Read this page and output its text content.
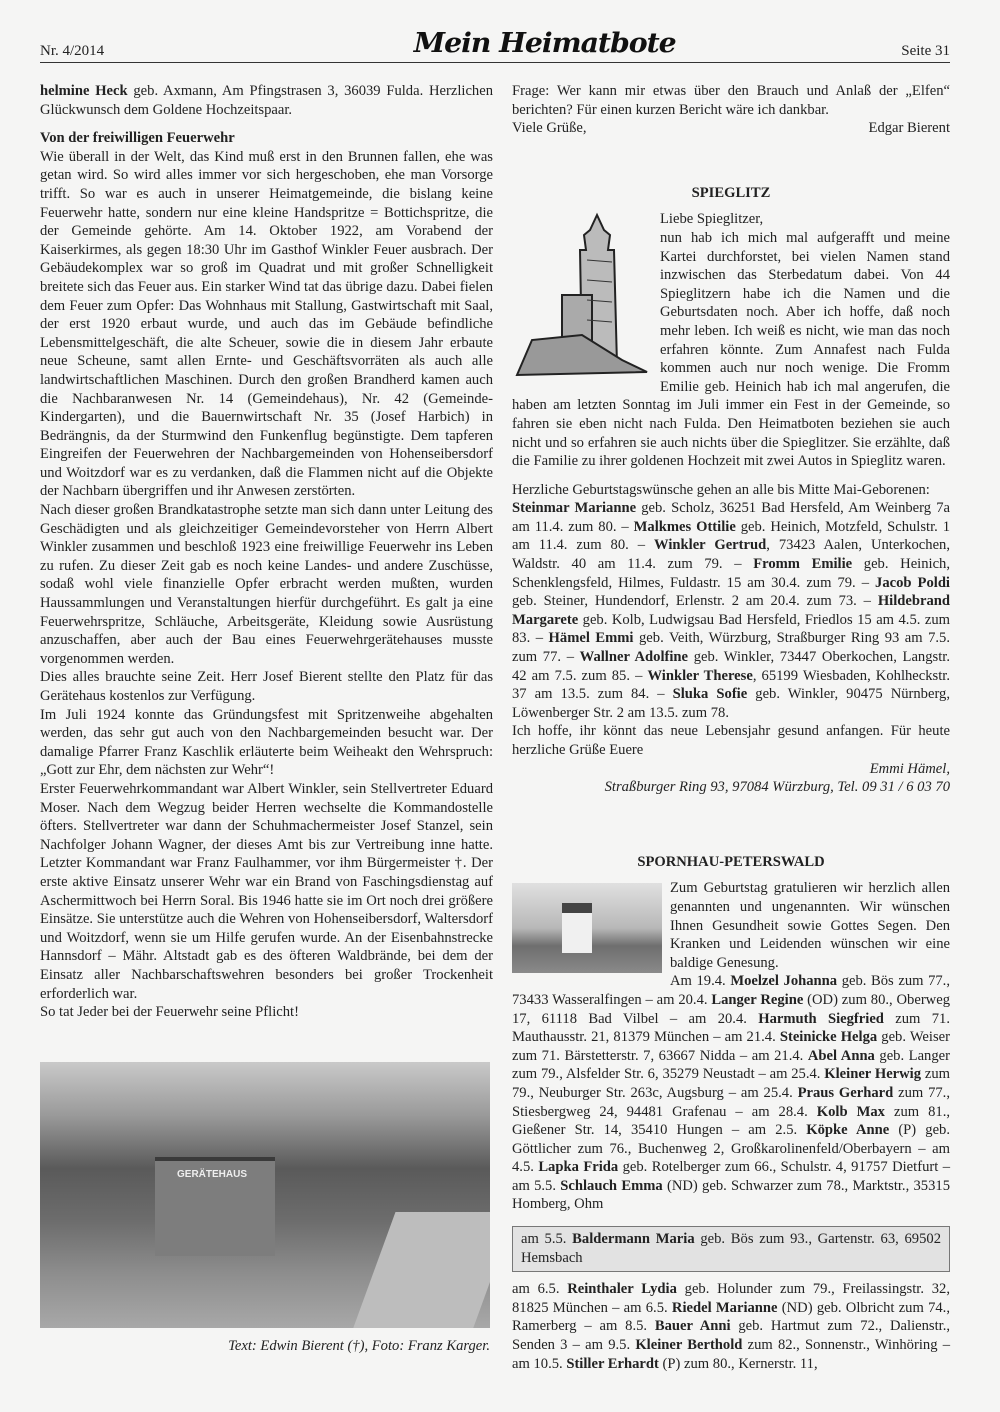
Nr. 4/2014	Mein Heimatbote	Seite 31

helmine Heck geb. Axmann, Am Pfingstrasen 3, 36039 Fulda. Herzlichen Glückwunsch dem Goldene Hochzeitspaar.

Von der freiwilligen Feuerwehr

Wie überall in der Welt, das Kind muß erst in den Brunnen fallen, ehe was getan wird. So wird alles immer vor sich hergeschoben, ehe man Vorsorge trifft. So war es auch in unserer Heimatgemeinde, die bislang keine Feuerwehr hatte, sondern nur eine kleine Handspritze = Bottichspritze, die der Gemeinde gehörte. Am 14. Oktober 1922, am Vorabend der Kaiserkirmes, als gegen 18:30 Uhr im Gasthof Winkler Feuer ausbrach. Der Gebäudekomplex war so groß im Quadrat und mit großer Schnelligkeit breitete sich das Feuer aus. Ein starker Wind tat das übrige dazu. Dabei fielen dem Feuer zum Opfer: Das Wohnhaus mit Stallung, Gastwirtschaft mit Saal, der erst 1920 erbaut wurde, und auch das im Gebäude befindliche Lebensmittelgeschäft, die alte Scheuer, sowie die in diesem Jahr erbaute neue Scheune, samt allen Ernte- und Geschäftsvorräten als auch alle landwirtschaftlichen Maschinen. Durch den großen Brandherd kamen auch die Nachbaranwesen Nr. 14 (Gemeindehaus), Nr. 42 (Gemeinde-Kindergarten), und die Bauernwirtschaft Nr. 35 (Josef Harbich) in Bedrängnis, da der Sturmwind den Funkenflug begünstigte. Dem tapferen Eingreifen der Feuerwehren der Nachbargemeinden von Hohenseibersdorf und Woitzdorf war es zu verdanken, daß die Flammen nicht auf die Objekte der Nachbarn übergriffen und ihr Anwesen zerstörten.

Nach dieser großen Brandkatastrophe setzte man sich dann unter Leitung des Geschädigten und als gleichzeitiger Gemeindevorsteher von Herrn Albert Winkler zusammen und beschloß 1923 eine freiwillige Feuerwehr ins Leben zu rufen. Zu dieser Zeit gab es noch keine Landes- und andere Zuschüsse, sodaß wohl viele finanzielle Opfer erbracht werden mußten, wurden Haussammlungen und Veranstaltungen hierfür durchgeführt. Es galt ja eine Feuerwehrspritze, Schläuche, Arbeitsgeräte, Kleidung sowie Ausrüstung anzuschaffen, aber auch der Bau eines Feuerwehrgerätehauses musste vorgenommen werden.

Dies alles brauchte seine Zeit. Herr Josef Bierent stellte den Platz für das Gerätehaus kostenlos zur Verfügung.

Im Juli 1924 konnte das Gründungsfest mit Spritzenweihe abgehalten werden, das sehr gut auch von den Nachbargemeinden besucht war. Der damalige Pfarrer Franz Kaschlik erläuterte beim Weiheakt den Wehrspruch: „Gott zur Ehr, dem nächsten zur Wehr“!

Erster Feuerwehrkommandant war Albert Winkler, sein Stellvertreter Eduard Moser. Nach dem Wegzug beider Herren wechselte die Kommandostelle öfters. Stellvertreter war dann der Schuhmachermeister Josef Stanzel, sein Nachfolger Johann Wagner, der dieses Amt bis zur Vertreibung inne hatte. Letzter Kommandant war Franz Faulhammer, vor ihm Bürgermeister †. Der erste aktive Einsatz unserer Wehr war ein Brand von Faschingsdienstag auf Aschermittwoch bei Herrn Soral. Bis 1946 hatte sie im Ort noch drei größere Einsätze. Sie unterstütze auch die Wehren von Hohenseibersdorf, Waltersdorf und Woitzdorf, wenn sie um Hilfe gerufen wurde. An der Eisenbahnstrecke Hannsdorf – Mähr. Altstadt gab es des öfteren Waldbrände, bei dem der Einsatz aller Nachbarschaftswehren besonders bei großer Trockenheit erforderlich war.

So tat Jeder bei der Feuerwehr seine Pflicht!

GERÄTEHAUS
Text: Edwin Bierent (†), Foto: Franz Karger.

Frage: Wer kann mir etwas über den Brauch und Anlaß der „Elfen“ berichten? Für einen kurzen Bericht wäre ich dankbar.

Viele Grüße,	Edgar Bierent

SPIEGLITZ

Liebe Spieglitzer,

nun hab ich mich mal aufgerafft und meine Kartei durchforstet, bei vielen Namen stand inzwischen das Sterbedatum dabei. Von 44 Spieglitzern habe ich die Namen und die Geburtsdaten noch. Aber ich hoffe, daß noch mehr leben. Ich weiß es nicht, wie man das noch erfahren könnte. Zum Annafest nach Fulda kommen auch nur noch wenige. Die Fromm Emilie geb. Heinich hab ich mal angerufen, die haben am letzten Sonntag im Juli immer ein Fest in der Gemeinde, so fahren sie eben nicht nach Fulda. Den Heimatboten beziehen sie auch nicht und so erfahren sie auch nichts über die Spieglitzer. Sie erzählte, daß die Familie zu ihrer goldenen Hochzeit mit zwei Autos in Spieglitz waren.

Herzliche Geburtstagswünsche gehen an alle bis Mitte Mai-Geborenen:

Steinmar Marianne geb. Scholz, 36251 Bad Hersfeld, Am Weinberg 7a am 11.4. zum 80. – Malkmes Ottilie geb. Heinich, Motzfeld, Schulstr. 1 am 11.4. zum 80. – Winkler Gertrud, 73423 Aalen, Unterkochen, Waldstr. 40 am 11.4. zum 79. – Fromm Emilie geb. Heinich, Schenklengsfeld, Hilmes, Fuldastr. 15 am 30.4. zum 79. – Jacob Poldi geb. Steiner, Hundendorf, Erlenstr. 2 am 20.4. zum 73. – Hildebrand Margarete geb. Kolb, Ludwigsau Bad Hersfeld, Friedlos 15 am 4.5. zum 83. – Hämel Emmi geb. Veith, Würzburg, Straßburger Ring 93 am 7.5. zum 77. – Wallner Adolfine geb. Winkler, 73447 Oberkochen, Langstr. 42 am 7.5. zum 85. – Winkler Therese, 65199 Wiesbaden, Kohlheckstr. 37 am 13.5. zum 84. – Sluka Sofie geb. Winkler, 90475 Nürnberg, Löwenberger Str. 2 am 13.5. zum 78.

Ich hoffe, ihr könnt das neue Lebensjahr gesund anfangen. Für heute herzliche Grüße Euere

Emmi Hämel,

Straßburger Ring 93, 97084 Würzburg, Tel. 09 31 / 6 03 70

SPORNHAU-PETERSWALD

Zum Geburtstag gratulieren wir herzlich allen genannten und ungenannten. Wir wünschen Ihnen Gesundheit sowie Gottes Segen. Den Kranken und Leidenden wünschen wir eine baldige Genesung.

Am 19.4. Moelzel Johanna geb. Bös zum 77., 73433 Wasseralfingen – am 20.4. Langer Regine (OD) zum 80., Oberweg 17, 61118 Bad Vilbel – am 20.4. Harmuth Siegfried zum 71. Mauthausstr. 21, 81379 München – am 21.4. Steinicke Helga geb. Weiser zum 71. Bärstetterstr. 7, 63667 Nidda – am 21.4. Abel Anna geb. Langer zum 79., Alsfelder Str. 6, 35279 Neustadt – am 25.4. Kleiner Herwig zum 79., Neuburger Str. 263c, Augsburg – am 25.4. Praus Gerhard zum 77., Stiesbergweg 24, 94481 Grafenau – am 28.4. Kolb Max zum 81., Gießener Str. 14, 35410 Hungen – am 2.5. Köpke Anne (P) geb. Göttlicher zum 76., Buchenweg 2, Großkarolinenfeld/Oberbayern – am 4.5. Lapka Frida geb. Rotelberger zum 66., Schulstr. 4, 91757 Dietfurt – am 5.5. Schlauch Emma (ND) geb. Schwarzer zum 78., Marktstr., 35315 Homberg, Ohm

am 5.5. Baldermann Maria geb. Bös zum 93., Gartenstr. 63, 69502 Hemsbach

am 6.5. Reinthaler Lydia geb. Holunder zum 79., Freilassingstr. 32, 81825 München – am 6.5. Riedel Marianne (ND) geb. Olbricht zum 74., Ramerberg – am 8.5. Bauer Anni geb. Hartmut zum 72., Dalienstr., Senden 3 – am 9.5. Kleiner Berthold zum 82., Sonnenstr., Winhöring – am 10.5. Stiller Erhardt (P) zum 80., Kernerstr. 11,
